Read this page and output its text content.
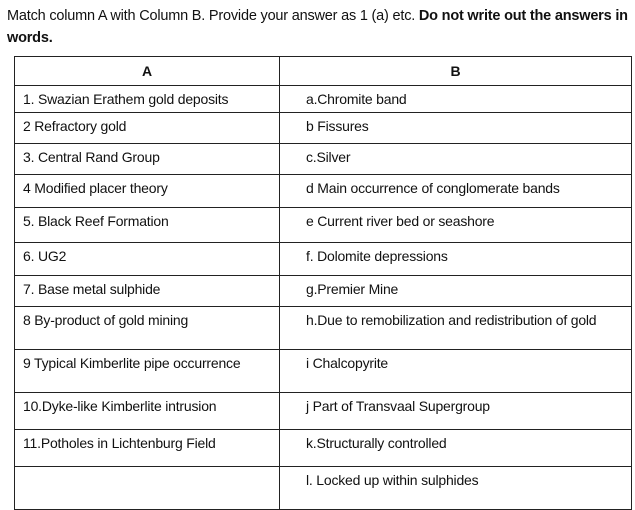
Match column A with Column B. Provide your answer as 1 (a) etc. Do not write out the answers in words.
A	B

1. Swazian Erathem gold deposits	a.Chromite band

2 Refractory gold	b Fissures

3. Central Rand Group	c.Silver

4 Modified placer theory	d Main occurrence of conglomerate bands

5. Black Reef Formation	e Current river bed or seashore

6. UG2	f. Dolomite depressions

7. Base metal sulphide	g.Premier Mine

8 By-product of gold mining	h.Due to remobilization and redistribution of gold

9 Typical Kimberlite pipe occurrence	i Chalcopyrite

10.Dyke-like Kimberlite intrusion	j Part of Transvaal Supergroup

11.Potholes in Lichtenburg Field	k.Structurally controlled

	l. Locked up within sulphides
